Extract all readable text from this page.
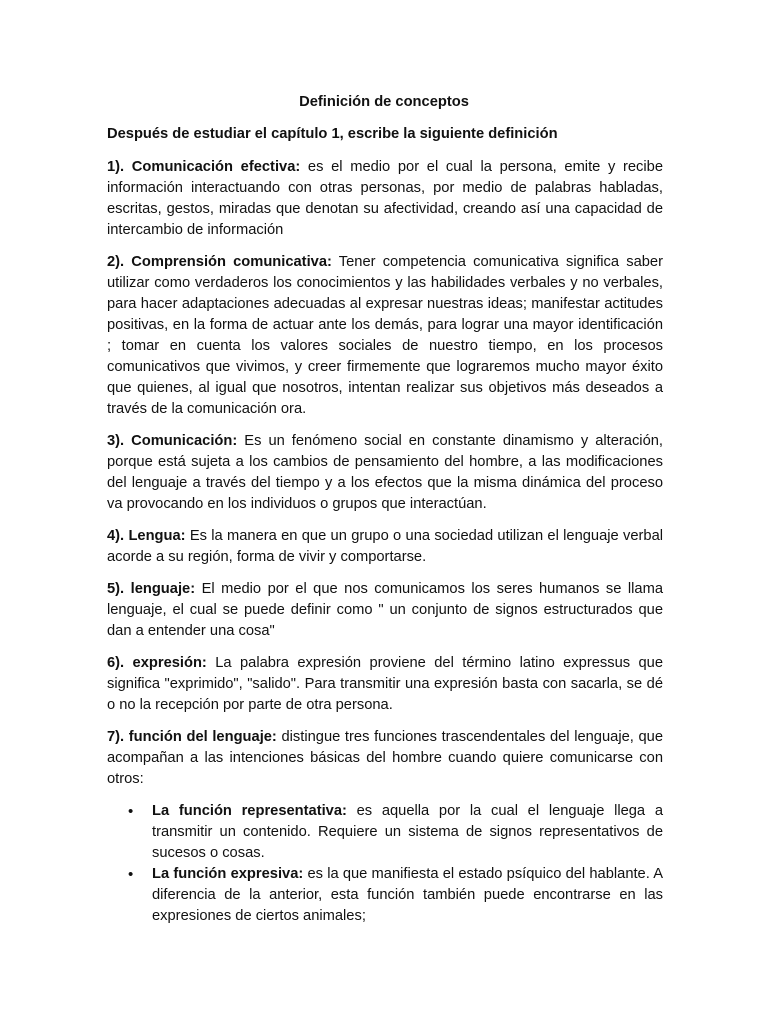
Definición de conceptos
Después de estudiar el capítulo 1, escribe la siguiente definición

1). Comunicación efectiva: es el medio por el cual la persona, emite y recibe información interactuando con otras personas, por medio de palabras habladas, escritas, gestos, miradas que denotan su afectividad, creando así una capacidad de intercambio de información

2). Comprensión comunicativa: Tener competencia comunicativa significa saber utilizar como verdaderos los conocimientos y las habilidades verbales y no verbales, para hacer adaptaciones adecuadas al expresar nuestras ideas; manifestar actitudes positivas, en la forma de actuar ante los demás, para lograr una mayor identificación ; tomar en cuenta los valores sociales de nuestro tiempo, en los procesos comunicativos que vivimos, y creer firmemente que lograremos mucho mayor éxito que quienes, al igual que nosotros, intentan realizar sus objetivos más deseados a través de la comunicación ora.

3). Comunicación: Es un fenómeno social en constante dinamismo y alteración, porque está sujeta a los cambios de pensamiento del hombre, a las modificaciones del lenguaje a través del tiempo y a los efectos que la misma dinámica del proceso va provocando en los individuos o grupos que interactúan.

4). Lengua: Es la manera en que un grupo o una sociedad utilizan el lenguaje verbal acorde a su región, forma de vivir y comportarse.

5). lenguaje: El medio por el que nos comunicamos los seres humanos se llama lenguaje, el cual se puede definir como " un conjunto de signos estructurados que dan a entender una cosa"

6). expresión: La palabra expresión proviene del término latino expressus que significa "exprimido", "salido". Para transmitir una expresión basta con sacarla, se dé o no la recepción por parte de otra persona.

7). función del lenguaje: distingue tres funciones trascendentales del lenguaje, que acompañan a las intenciones básicas del hombre cuando quiere comunicarse con otros:

• La función representativa: es aquella por la cual el lenguaje llega a transmitir un contenido. Requiere un sistema de signos representativos de sucesos o cosas.
• La función expresiva: es la que manifiesta el estado psíquico del hablante. A diferencia de la anterior, esta función también puede encontrarse en las expresiones de ciertos animales;
